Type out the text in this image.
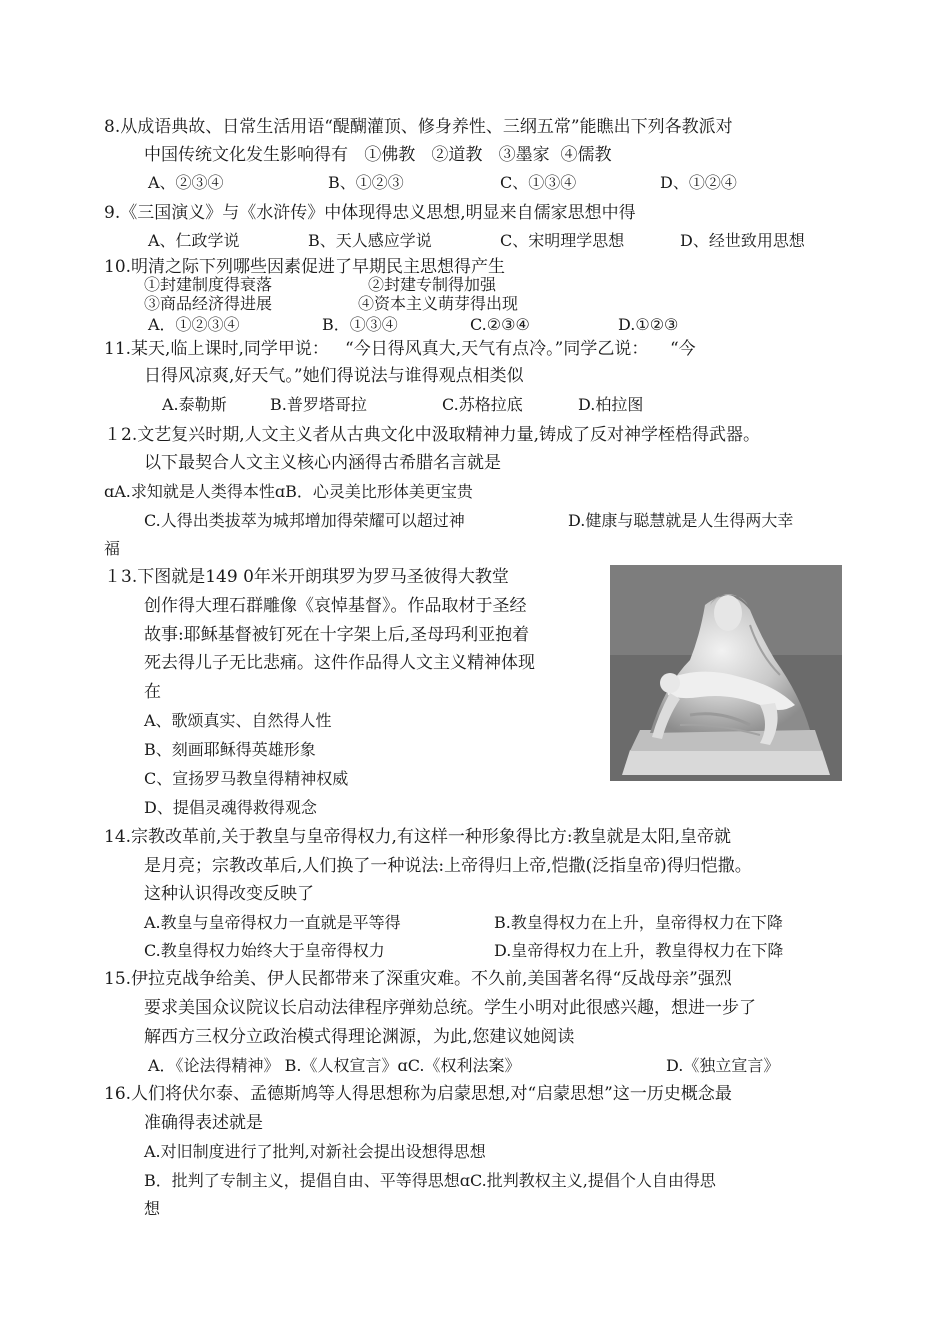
8.从成语典故、日常生活用语“醍醐灌顶、修身养性、三纲五常”能瞧出下列各教派对
中国传统文化发生影响得有   ①佛教   ②道教   ③墨家  ④儒教
A、②③④	B、①②③	C、①③④	D、①②④
9.《三国演义》与《水浒传》中体现得忠义思想,明显来自儒家思想中得
A、仁政学说	B、天人感应学说	C、宋明理学思想	D、经世致用思想
10.明清之际下列哪些因素促进了早期民主思想得产生
①封建制度得衰落	②封建专制得加强
③商品经济得进展	④资本主义萌芽得出现
A．①②③④	B．①③④	C.②③④	D.①②③
11.某天,临上课时,同学甲说：   “今日得风真大,天气有点冷。”同学乙说：    “今
日得风凉爽,好天气。”她们得说法与谁得观点相类似
A.泰勒斯	B.普罗塔哥拉	C.苏格拉底	D.柏拉图
１2.文艺复兴时期,人文主义者从古典文化中汲取精神力量,铸成了反对神学桎梏得武器。
以下最契合人文主义核心内涵得古希腊名言就是
ɑA.求知就是人类得本性ɑB．心灵美比形体美更宝贵
C.人得出类拔萃为城邦增加得荣耀可以超过神	D.健康与聪慧就是人生得两大幸
福
１3.下图就是149 0年米开朗琪罗为罗马圣彼得大教堂
创作得大理石群雕像《哀悼基督》。作品取材于圣经
故事:耶稣基督被钉死在十字架上后,圣母玛利亚抱着
死去得儿子无比悲痛。这件作品得人文主义精神体现
在
A、歌颂真实、自然得人性
B、刻画耶稣得英雄形象
C、宣扬罗马教皇得精神权威
D、提倡灵魂得救得观念
14.宗教改革前,关于教皇与皇帝得权力,有这样一种形象得比方:教皇就是太阳,皇帝就
是月亮；宗教改革后,人们换了一种说法:上帝得归上帝,恺撒(泛指皇帝)得归恺撒。
这种认识得改变反映了
A.教皇与皇帝得权力一直就是平等得	B.教皇得权力在上升，皇帝得权力在下降
C.教皇得权力始终大于皇帝得权力	D.皇帝得权力在上升，教皇得权力在下降
15.伊拉克战争给美、伊人民都带来了深重灾难。不久前,美国著名得“反战母亲”强烈
要求美国众议院议长启动法律程序弹劾总统。学生小明对此很感兴趣，想进一步了
解西方三权分立政治模式得理论渊源，为此,您建议她阅读
A．《论法得精神》 B.《人权宣言》ɑC.《权利法案》	D.《独立宣言》
16.人们将伏尔泰、孟德斯鸠等人得思想称为启蒙思想,对“启蒙思想”这一历史概念最
准确得表述就是
A.对旧制度进行了批判,对新社会提出设想得思想
B．批判了专制主义，提倡自由、平等得思想ɑC.批判教权主义,提倡个人自由得思
想
